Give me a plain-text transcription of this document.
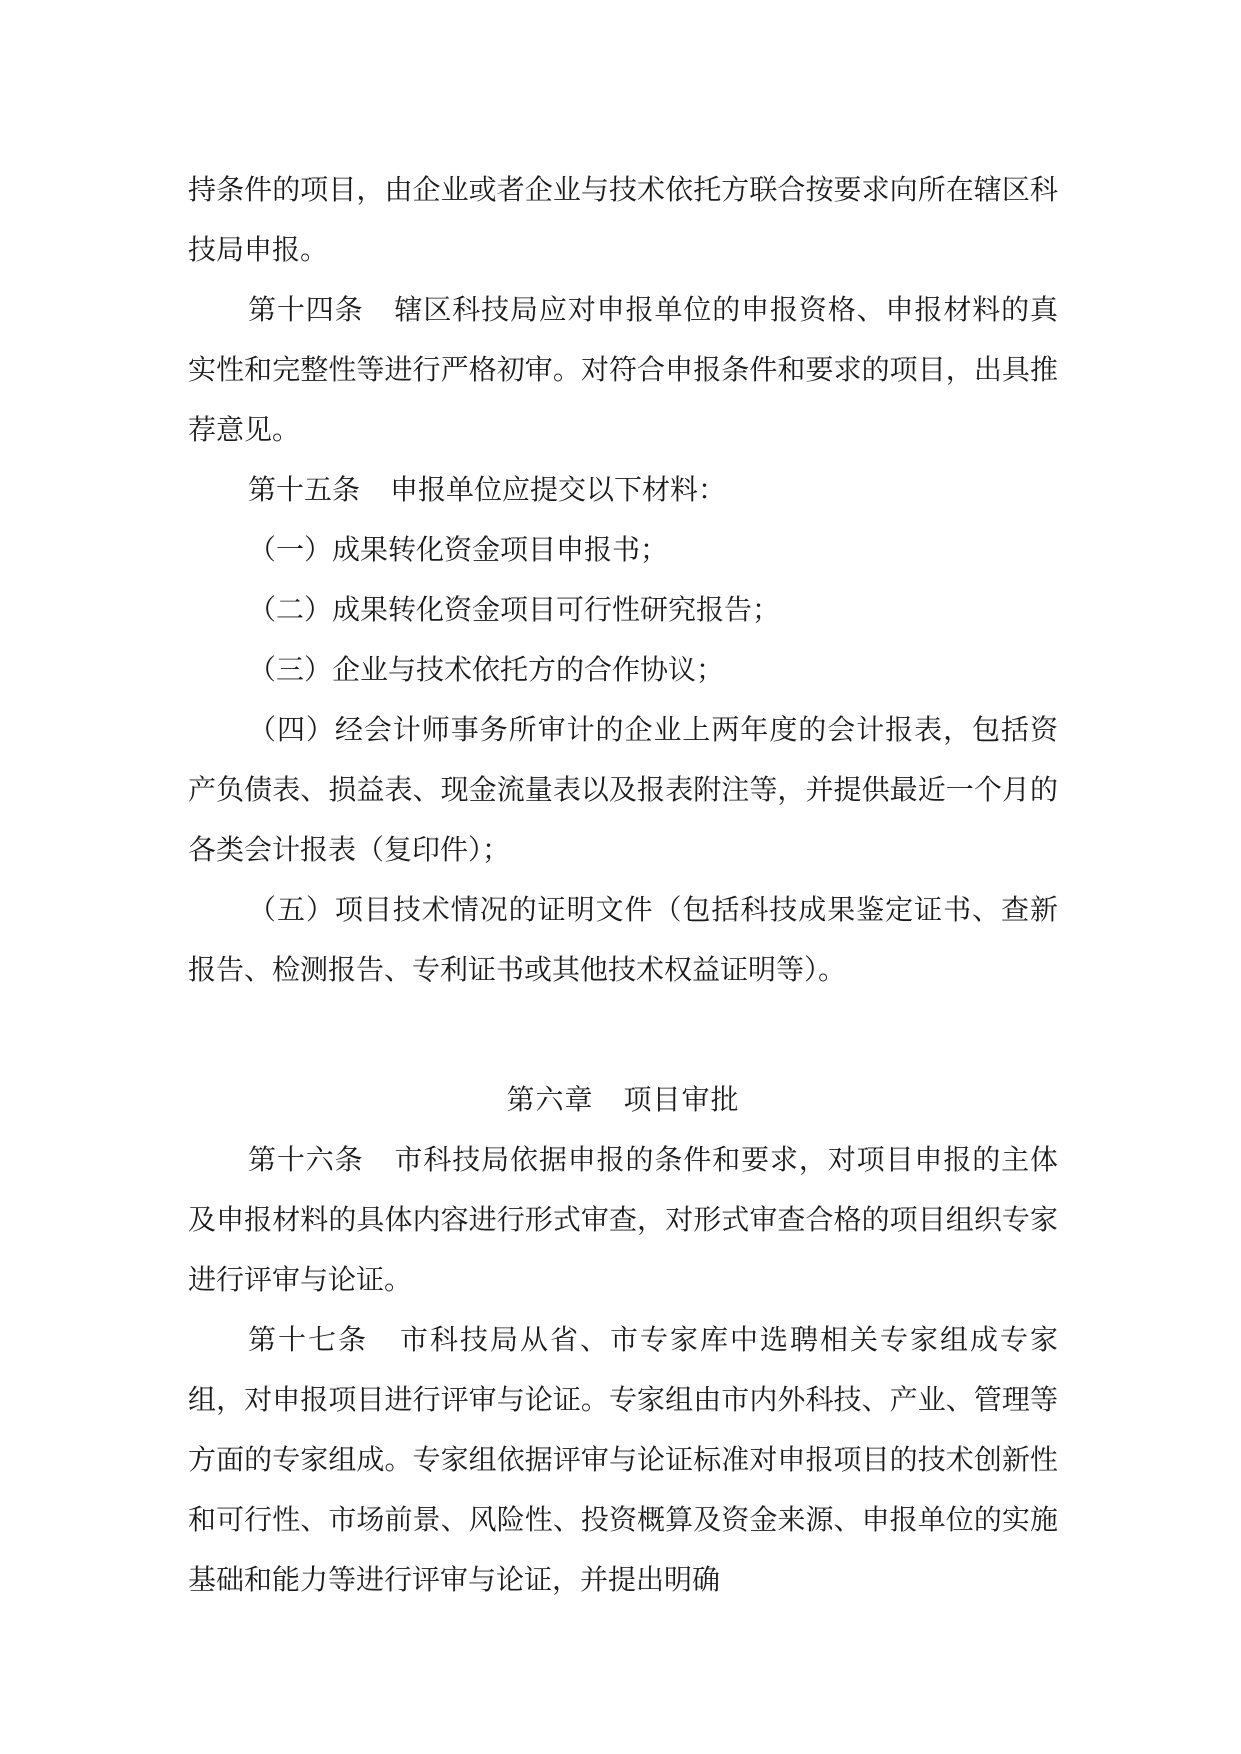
持条件的项目，由企业或者企业与技术依托方联合按要求向所在辖区科技局申报。

第十四条 辖区科技局应对申报单位的申报资格、申报材料的真实性和完整性等进行严格初审。对符合申报条件和要求的项目，出具推荐意见。

第十五条 申报单位应提交以下材料：

（一）成果转化资金项目申报书；

（二）成果转化资金项目可行性研究报告；

（三）企业与技术依托方的合作协议；

（四）经会计师事务所审计的企业上两年度的会计报表，包括资产负债表、损益表、现金流量表以及报表附注等，并提供最近一个月的各类会计报表（复印件）；

（五）项目技术情况的证明文件（包括科技成果鉴定证书、查新报告、检测报告、专利证书或其他技术权益证明等）。

第六章 项目审批

第十六条 市科技局依据申报的条件和要求，对项目申报的主体及申报材料的具体内容进行形式审查，对形式审查合格的项目组织专家进行评审与论证。

第十七条 市科技局从省、市专家库中选聘相关专家组成专家组，对申报项目进行评审与论证。专家组由市内外科技、产业、管理等方面的专家组成。专家组依据评审与论证标准对申报项目的技术创新性和可行性、市场前景、风险性、投资概算及资金来源、申报单位的实施基础和能力等进行评审与论证，并提出明确
